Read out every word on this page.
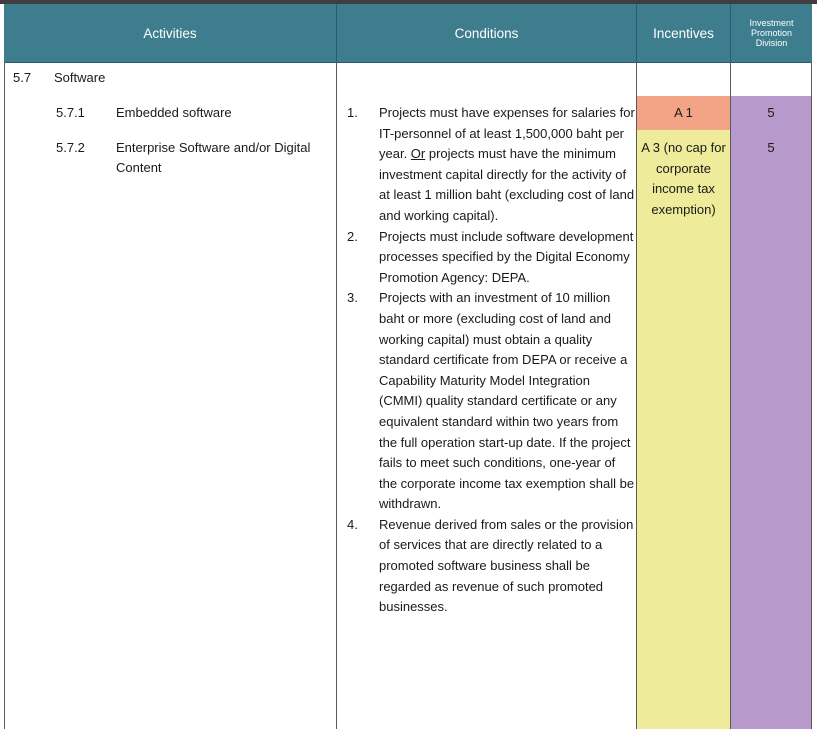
Activities	Conditions	Incentives
Investment Promotion Division
5.7 Software
5.7.1 Embedded software
5.7.2 Enterprise Software and/or Digital Content
1. Projects must have expenses for salaries for IT-personnel of at least 1,500,000 baht per year. Or projects must have the minimum investment capital directly for the activity of at least 1 million baht (excluding cost of land and working capital).
2. Projects must include software development processes specified by the Digital Economy Promotion Agency: DEPA.
3. Projects with an investment of 10 million baht or more (excluding cost of land and working capital) must obtain a quality standard certificate from DEPA or receive a Capability Maturity Model Integration (CMMI) quality standard certificate or any equivalent standard within two years from the full operation start-up date. If the project fails to meet such conditions, one-year of the corporate income tax exemption shall be withdrawn.
4. Revenue derived from sales or the provision of services that are directly related to a promoted software business shall be regarded as revenue of such promoted businesses.
A 1
A 3 (no cap for corporate income tax exemption)
5
5
